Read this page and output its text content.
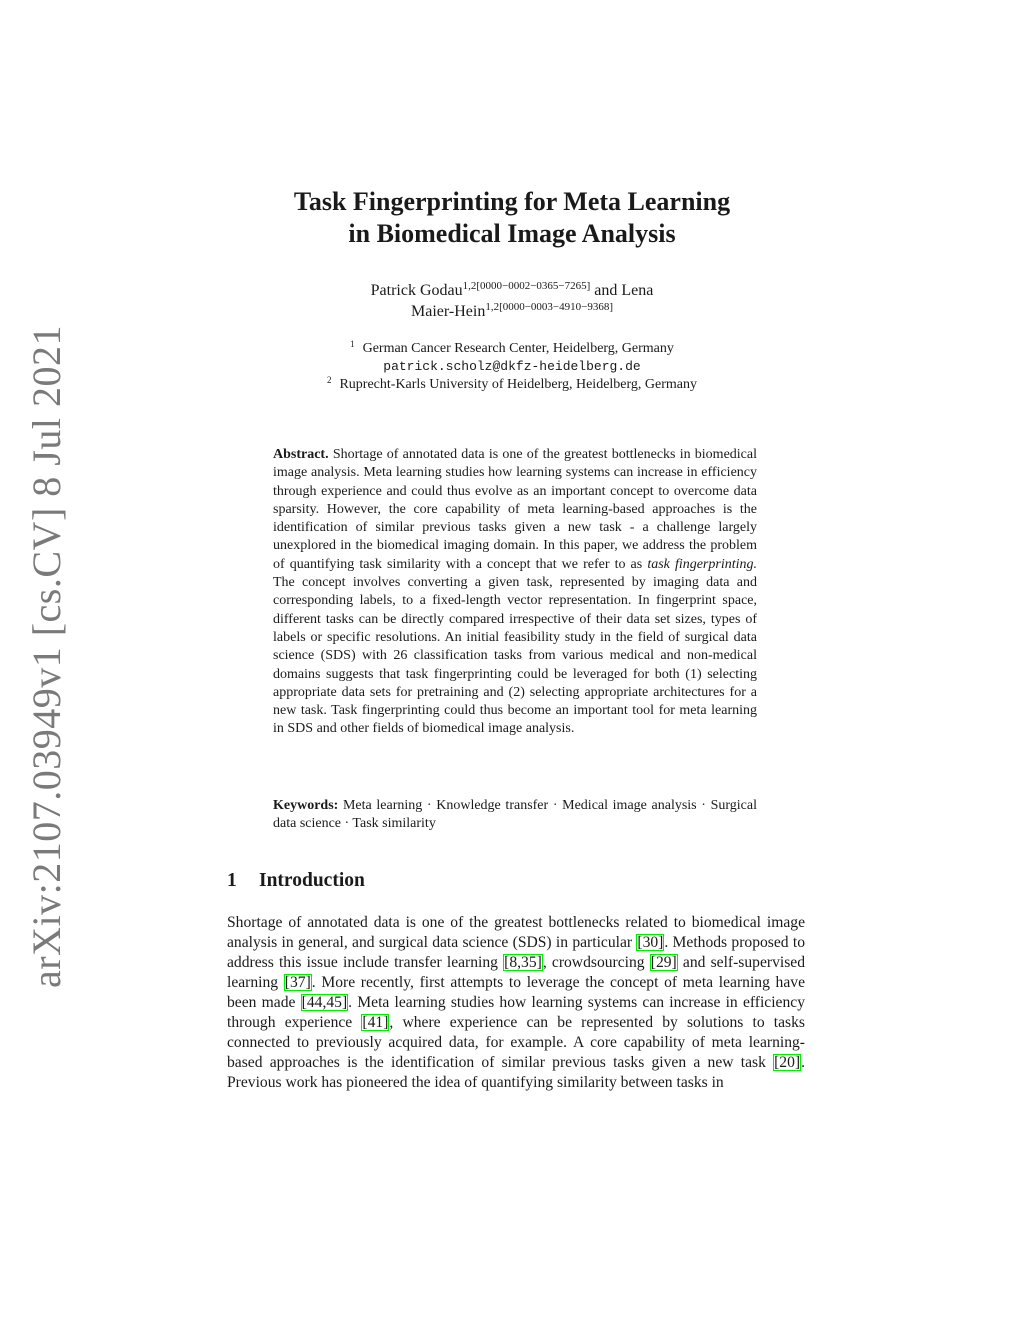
arXiv:2107.03949v1 [cs.CV] 8 Jul 2021
Task Fingerprinting for Meta Learning
in Biomedical Image Analysis
Patrick Godau$^{1,2[0000-0002-0365-7265]}$ and Lena
Maier-Hein$^{1,2[0000-0003-4910-9368]}$
$^1$ German Cancer Research Center, Heidelberg, Germany
patrick.scholz@dkfz-heidelberg.de
$^2$ Ruprecht-Karls University of Heidelberg, Heidelberg, Germany
Abstract. Shortage of annotated data is one of the greatest bottlenecks in biomedical image analysis. Meta learning studies how learning systems can increase in efficiency through experience and could thus evolve as an important concept to overcome data sparsity. However, the core capability of meta learning-based approaches is the identification of similar previous tasks given a new task - a challenge largely unexplored in the biomedical imaging domain. In this paper, we address the problem of quantifying task similarity with a concept that we refer to as task fingerprinting. The concept involves converting a given task, represented by imaging data and corresponding labels, to a fixed-length vector representation. In fingerprint space, different tasks can be directly compared irrespective of their data set sizes, types of labels or specific resolutions. An initial feasibility study in the field of surgical data science (SDS) with 26 classification tasks from various medical and non-medical domains suggests that task fingerprinting could be leveraged for both (1) selecting appropriate data sets for pretraining and (2) selecting appropriate architectures for a new task. Task fingerprinting could thus become an important tool for meta learning in SDS and other fields of biomedical image analysis.
Keywords: Meta learning · Knowledge transfer · Medical image analysis · Surgical data science · Task similarity
1 Introduction
Shortage of annotated data is one of the greatest bottlenecks related to biomedical image analysis in general, and surgical data science (SDS) in particular [30]. Methods proposed to address this issue include transfer learning [8,35], crowdsourcing [29] and self-supervised learning [37]. More recently, first attempts to leverage the concept of meta learning have been made [44,45]. Meta learning studies how learning systems can increase in efficiency through experience [41], where experience can be represented by solutions to tasks connected to previously acquired data, for example. A core capability of meta learning-based approaches is the identification of similar previous tasks given a new task [20]. Previous work has pioneered the idea of quantifying similarity between tasks in
